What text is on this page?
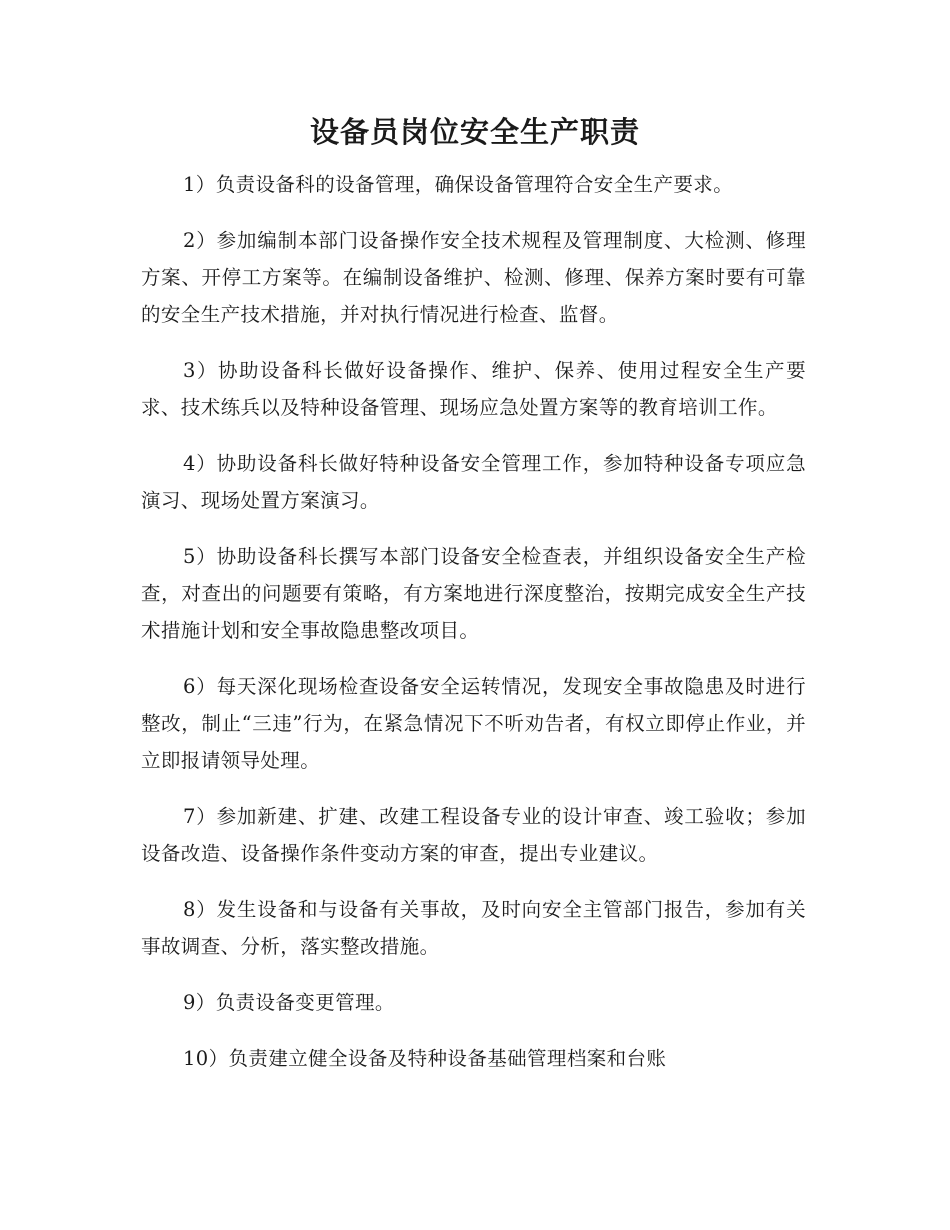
设备员岗位安全生产职责

1）负责设备科的设备管理，确保设备管理符合安全生产要求。

2）参加编制本部门设备操作安全技术规程及管理制度、大检测、修理方案、开停工方案等。在编制设备维护、检测、修理、保养方案时要有可靠的安全生产技术措施，并对执行情况进行检查、监督。

3）协助设备科长做好设备操作、维护、保养、使用过程安全生产要求、技术练兵以及特种设备管理、现场应急处置方案等的教育培训工作。

4）协助设备科长做好特种设备安全管理工作，参加特种设备专项应急演习、现场处置方案演习。

5）协助设备科长撰写本部门设备安全检查表，并组织设备安全生产检查，对查出的问题要有策略，有方案地进行深度整治，按期完成安全生产技术措施计划和安全事故隐患整改项目。

6）每天深化现场检查设备安全运转情况，发现安全事故隐患及时进行整改，制止“三违”行为，在紧急情况下不听劝告者，有权立即停止作业，并立即报请领导处理。

7）参加新建、扩建、改建工程设备专业的设计审查、竣工验收；参加设备改造、设备操作条件变动方案的审查，提出专业建议。

8）发生设备和与设备有关事故，及时向安全主管部门报告，参加有关事故调查、分析，落实整改措施。

9）负责设备变更管理。

10）负责建立健全设备及特种设备基础管理档案和台账
